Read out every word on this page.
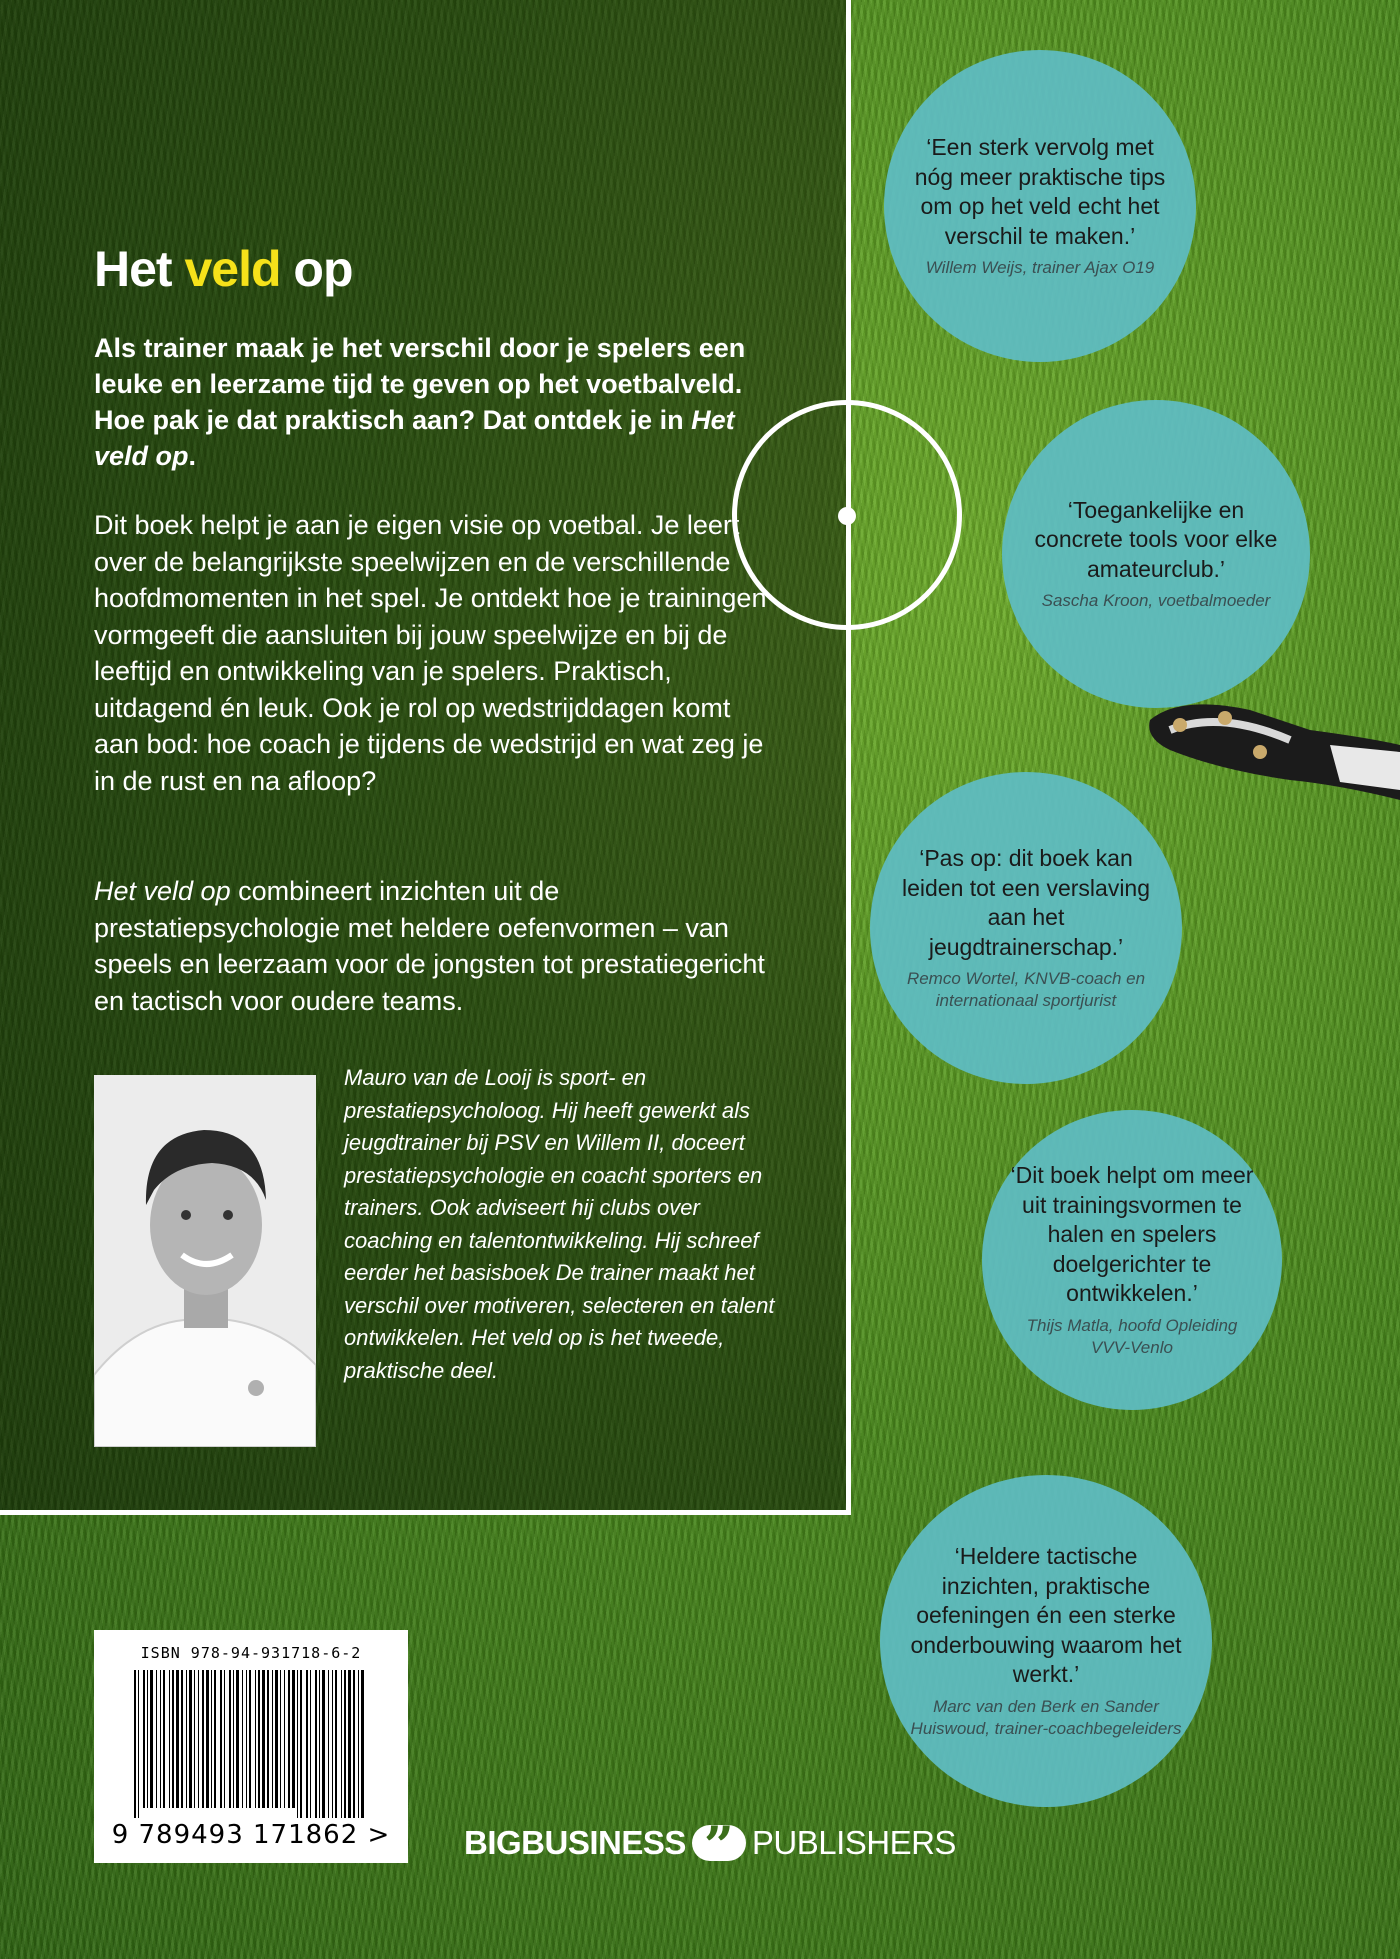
Het veld op

Als trainer maak je het verschil door je spelers een leuke en leerzame tijd te geven op het voetbalveld. Hoe pak je dat praktisch aan? Dat ontdek je in Het veld op.

Dit boek helpt je aan je eigen visie op voetbal. Je leert over de belangrijkste speelwijzen en de verschillende hoofdmomenten in het spel. Je ontdekt hoe je trainingen vormgeeft die aansluiten bij jouw speelwijze en bij de leeftijd en ontwikkeling van je spelers. Praktisch, uitdagend én leuk. Ook je rol op wedstrijddagen komt aan bod: hoe coach je tijdens de wedstrijd en wat zeg je in de rust en na afloop?

Het veld op combineert inzichten uit de prestatiepsychologie met heldere oefenvormen – van speels en leerzaam voor de jongsten tot prestatiegericht en tactisch voor oudere teams.

Mauro van de Looij is sport- en prestatiepsycholoog. Hij heeft gewerkt als jeugdtrainer bij PSV en Willem II, doceert prestatiepsychologie en coacht sporters en trainers. Ook adviseert hij clubs over coaching en talentontwikkeling. Hij schreef eerder het basisboek De trainer maakt het verschil over motiveren, selecteren en talent ontwikkelen. Het veld op is het tweede, praktische deel.

‘Een sterk vervolg met nóg meer praktische tips om op het veld echt het verschil te maken.’
Willem Weijs, trainer Ajax O19
‘Toegankelijke en concrete tools voor elke amateurclub.’
Sascha Kroon, voetbalmoeder
‘Pas op: dit boek kan leiden tot een verslaving aan het jeugdtrainerschap.’
Remco Wortel, KNVB-coach en internationaal sportjurist
‘Dit boek helpt om meer uit trainingsvormen te halen en spelers doelgerichter te ontwikkelen.’
Thijs Matla, hoofd Opleiding VVV-Venlo
‘Heldere tactische inzichten, praktische oefeningen én een sterke onderbouwing waarom het werkt.’
Marc van den Berk en Sander Huiswoud, trainer-coachbegeleiders

ISBN 978-94-931718-6-2

9 789493 171862 >	BIGBUSINESS
” PUBLISHERS
